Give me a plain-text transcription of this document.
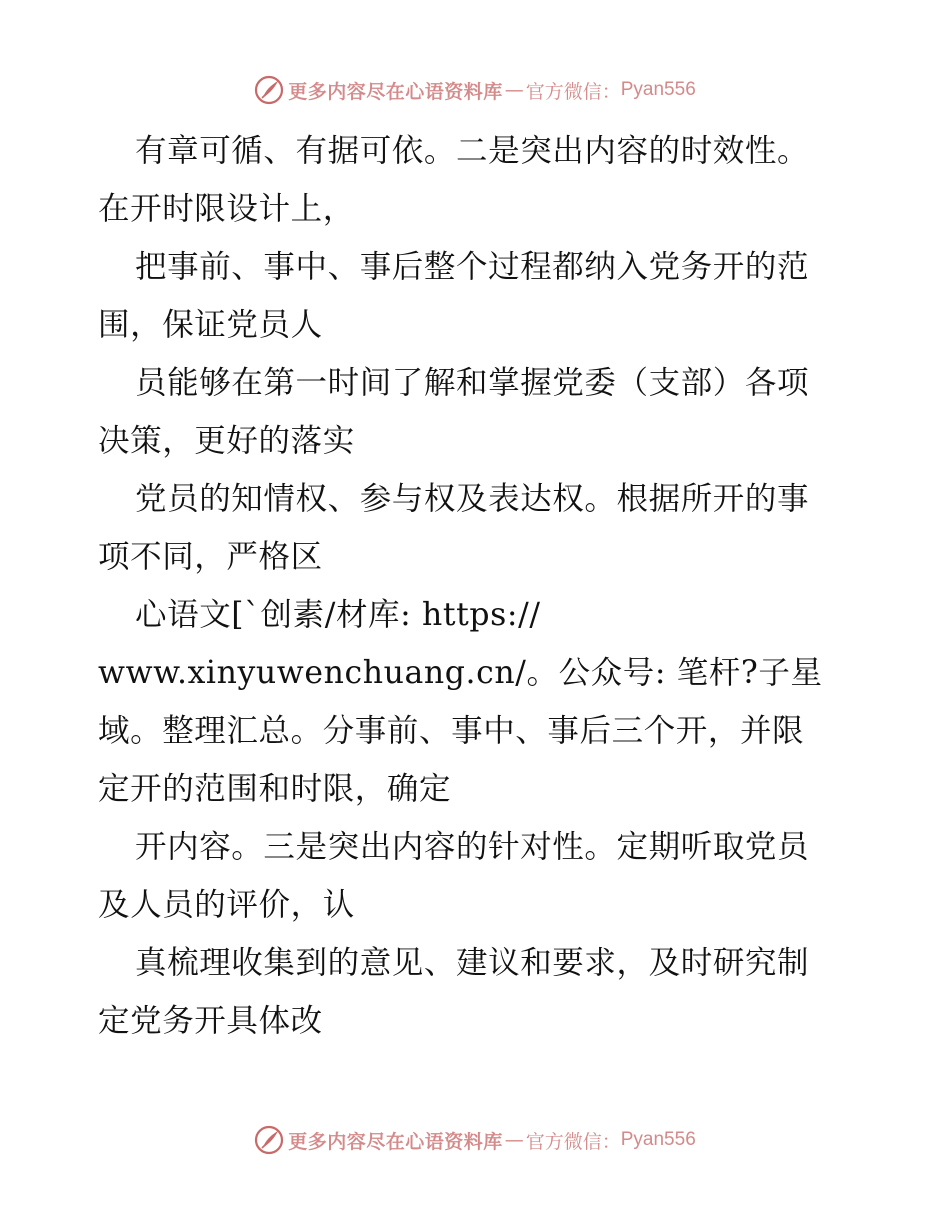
更多内容尽在心语资料库 — 官方微信： Pyan556
有章可循、有据可依。二是突出内容的时效性。
在开时限设计上，
把事前、事中、事后整个过程都纳入党务开的范
围，保证党员人
员能够在第一时间了解和掌握党委（支部）各项
决策，更好的落实
党员的知情权、参与权及表达权。根据所开的事
项不同，严格区
心语文[`创素/材库: https://
www.xinyuwenchuang.cn/。公众号: 笔杆?子星
域。整理汇总。分事前、事中、事后三个开，并限
定开的范围和时限，确定
开内容。三是突出内容的针对性。定期听取党员
及人员的评价，认
真梳理收集到的意见、建议和要求，及时研究制
定党务开具体改
更多内容尽在心语资料库 — 官方微信： Pyan556
